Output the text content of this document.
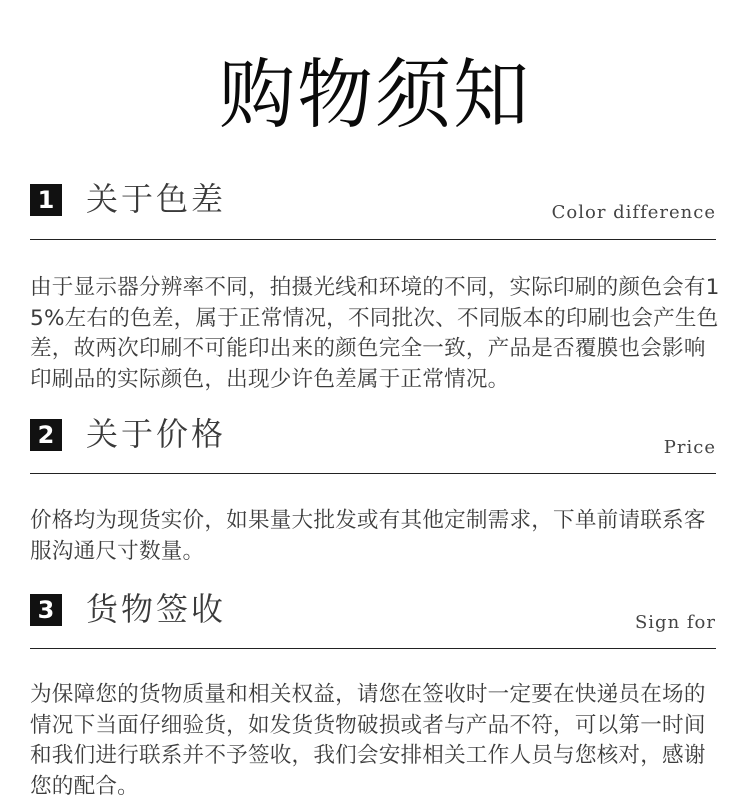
购物须知
1 关于色差	Color difference
由于显示器分辨率不同，拍摄光线和环境的不同，实际印刷的颜色会有15%左右的色差，属于正常情况，不同批次、不同版本的印刷也会产生色差，故两次印刷不可能印出来的颜色完全一致，产品是否覆膜也会影响印刷品的实际颜色，出现少许色差属于正常情况。
2 关于价格	Price
价格均为现货实价，如果量大批发或有其他定制需求，下单前请联系客服沟通尺寸数量。
3 货物签收	Sign for
为保障您的货物质量和相关权益，请您在签收时一定要在快递员在场的情况下当面仔细验货，如发货货物破损或者与产品不符，可以第一时间和我们进行联系并不予签收，我们会安排相关工作人员与您核对，感谢您的配合。
